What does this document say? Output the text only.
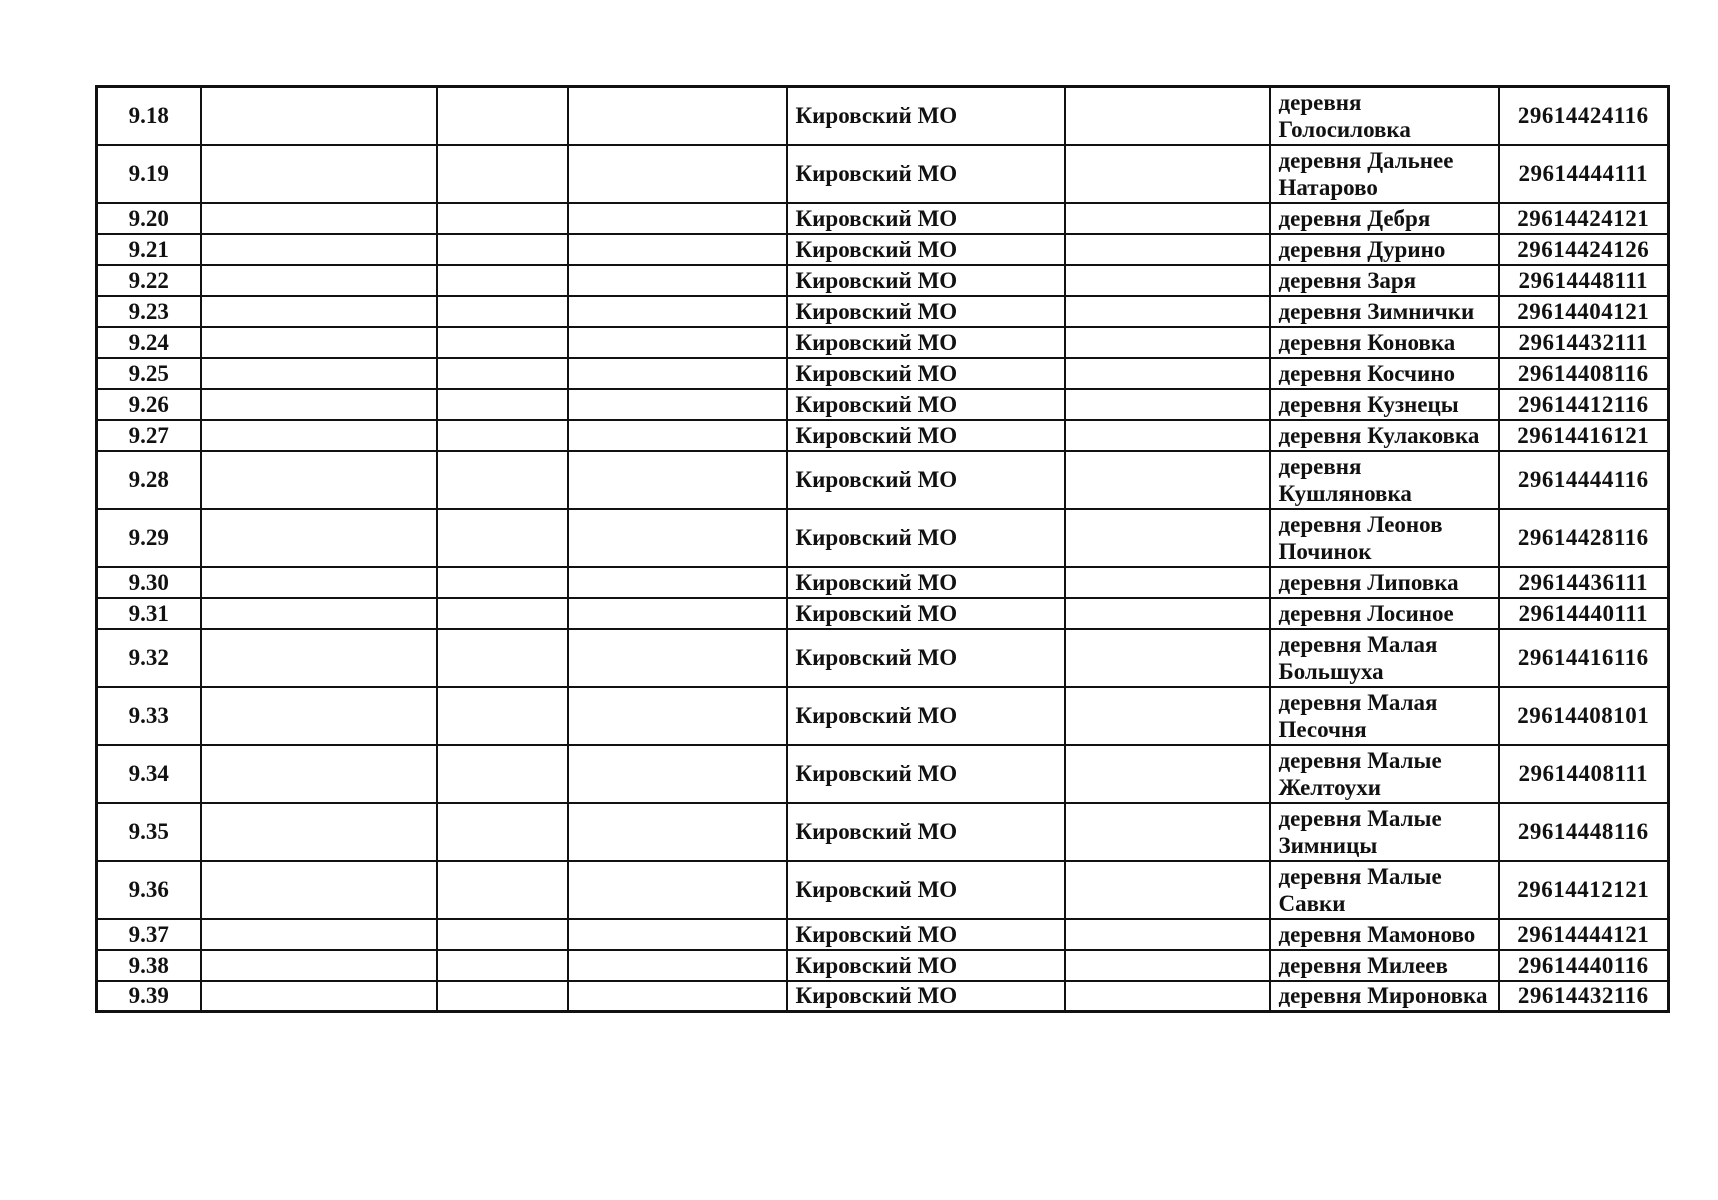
9.18				Кировский МО		деревня Голосиловка	29614424116
9.19				Кировский МО		деревня Дальнее Натарово	29614444111
9.20				Кировский МО		деревня Дебря	29614424121
9.21				Кировский МО		деревня Дурино	29614424126
9.22				Кировский МО		деревня Заря	29614448111
9.23				Кировский МО		деревня Зимнички	29614404121
9.24				Кировский МО		деревня Коновка	29614432111
9.25				Кировский МО		деревня Косчино	29614408116
9.26				Кировский МО		деревня Кузнецы	29614412116
9.27				Кировский МО		деревня Кулаковка	29614416121
9.28				Кировский МО		деревня Кушляновка	29614444116
9.29				Кировский МО		деревня Леонов Починок	29614428116
9.30				Кировский МО		деревня Липовка	29614436111
9.31				Кировский МО		деревня Лосиное	29614440111
9.32				Кировский МО		деревня Малая Большуха	29614416116
9.33				Кировский МО		деревня Малая Песочня	29614408101
9.34				Кировский МО		деревня Малые Желтоухи	29614408111
9.35				Кировский МО		деревня Малые Зимницы	29614448116
9.36				Кировский МО		деревня Малые Савки	29614412121
9.37				Кировский МО		деревня Мамоново	29614444121
9.38				Кировский МО		деревня Милеев	29614440116
9.39				Кировский МО		деревня Мироновка	29614432116
